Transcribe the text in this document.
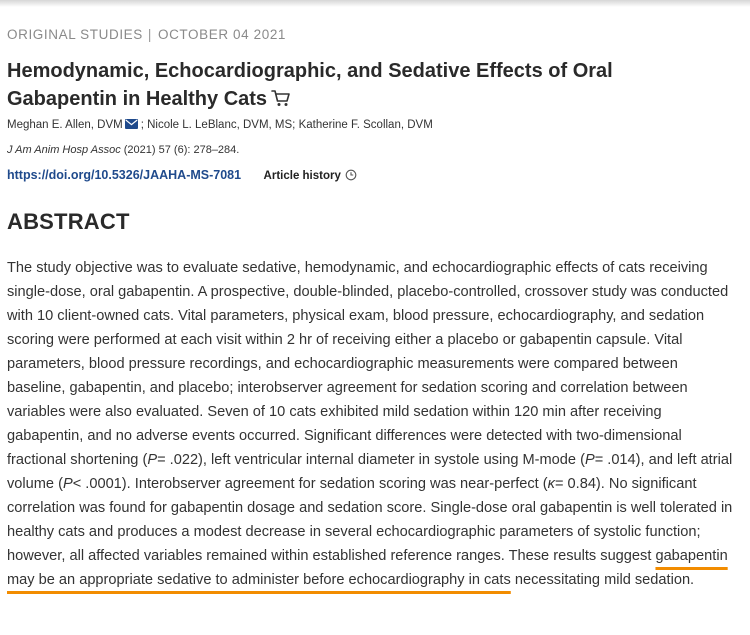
ORIGINAL STUDIES | OCTOBER 04 2021
Hemodynamic, Echocardiographic, and Sedative Effects of Oral Gabapentin in Healthy Cats
Meghan E. Allen, DVM ; Nicole L. LeBlanc, DVM, MS; Katherine F. Scollan, DVM
J Am Anim Hosp Assoc (2021) 57 (6): 278–284.
https://doi.org/10.5326/JAAHA-MS-7081 Article history
ABSTRACT

The study objective was to evaluate sedative, hemodynamic, and echocardiographic effects of cats receiving single-dose, oral gabapentin. A prospective, double-blinded, placebo-controlled, crossover study was conducted with 10 client-owned cats. Vital parameters, physical exam, blood pressure, echocardiography, and sedation scoring were performed at each visit within 2 hr of receiving either a placebo or gabapentin capsule. Vital parameters, blood pressure recordings, and echocardiographic measurements were compared between baseline, gabapentin, and placebo; interobserver agreement for sedation scoring and correlation between variables were also evaluated. Seven of 10 cats exhibited mild sedation within 120 min after receiving gabapentin, and no adverse events occurred. Significant differences were detected with two-dimensional fractional shortening (P= .022), left ventricular internal diameter in systole using M-mode (P= .014), and left atrial volume (P< .0001). Interobserver agreement for sedation scoring was near-perfect (κ= 0.84). No significant correlation was found for gabapentin dosage and sedation score. Single-dose oral gabapentin is well tolerated in healthy cats and produces a modest decrease in several echocardiographic parameters of systolic function; however, all affected variables remained within established reference ranges. These results suggest gabapentin may be an appropriate sedative to administer before echocardiography in cats necessitating mild sedation.
